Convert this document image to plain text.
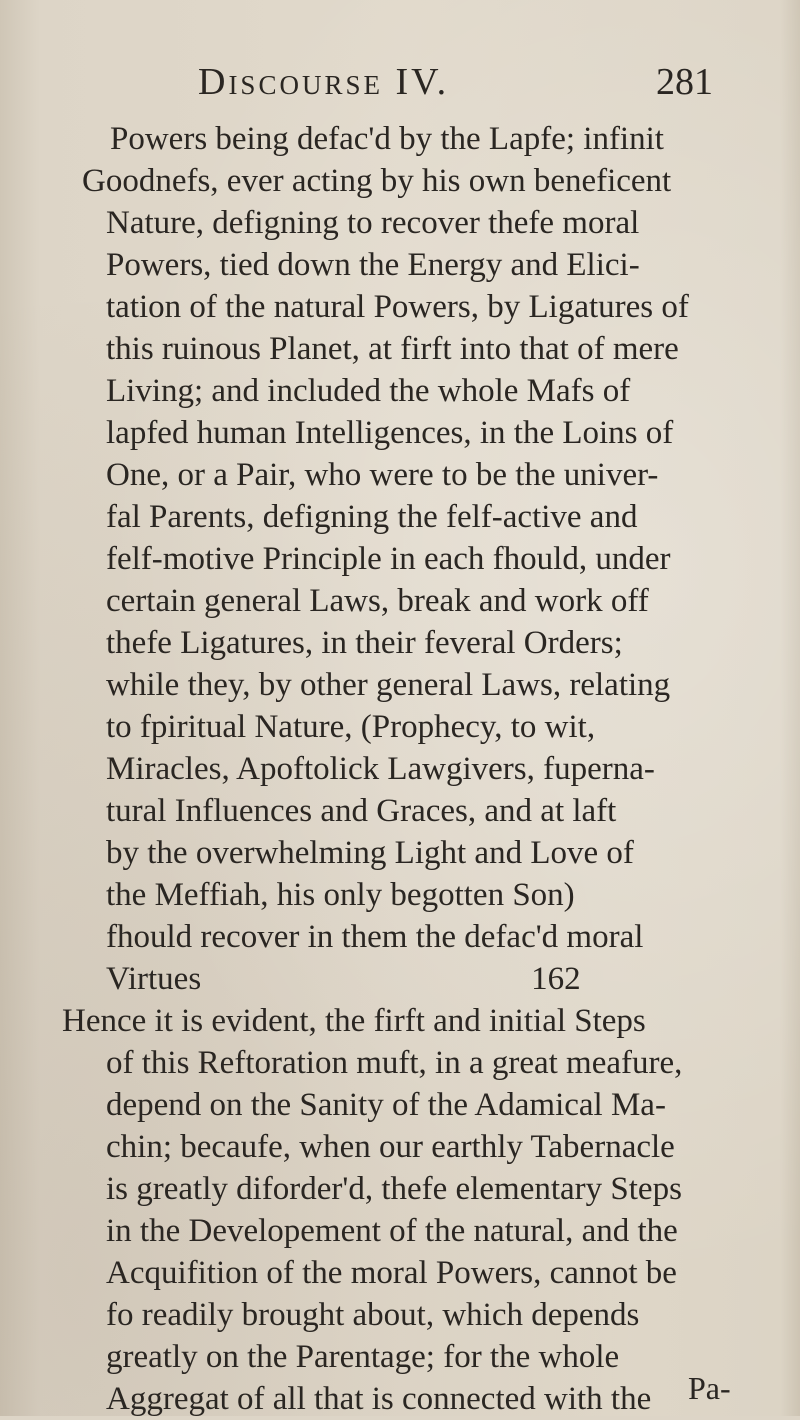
Discourse IV.	281
Powers being defac'd by the Lapfe; infinit
Goodnefs, ever acting by his own beneficent
Nature, defigning to recover thefe moral
Powers, tied down the Energy and Elici-
tation of the natural Powers, by Ligatures of
this ruinous Planet, at firft into that of mere
Living; and included the whole Mafs of
lapfed human Intelligences, in the Loins of
One, or a Pair, who were to be the univer-
fal Parents, defigning the felf-active and
felf-motive Principle in each fhould, under
certain general Laws, break and work off
thefe Ligatures, in their feveral Orders;
while they, by other general Laws, relating
to fpiritual Nature, (Prophecy, to wit,
Miracles, Apoftolick Lawgivers, fuperna-
tural Influences and Graces, and at laft
by the overwhelming Light and Love of
the Meffiah, his only begotten Son)
fhould recover in them the defac'd moral
Virtues                                        162
Hence it is evident, the firft and initial Steps
of this Reftoration muft, in a great meafure,
depend on the Sanity of the Adamical Ma-
chin; becaufe, when our earthly Tabernacle
is greatly diforder'd, thefe elementary Steps
in the Developement of the natural, and the
Acquifition of the moral Powers, cannot be
fo readily brought about, which depends
greatly on the Parentage; for the whole
Aggregat of all that is connected with the Pa-
